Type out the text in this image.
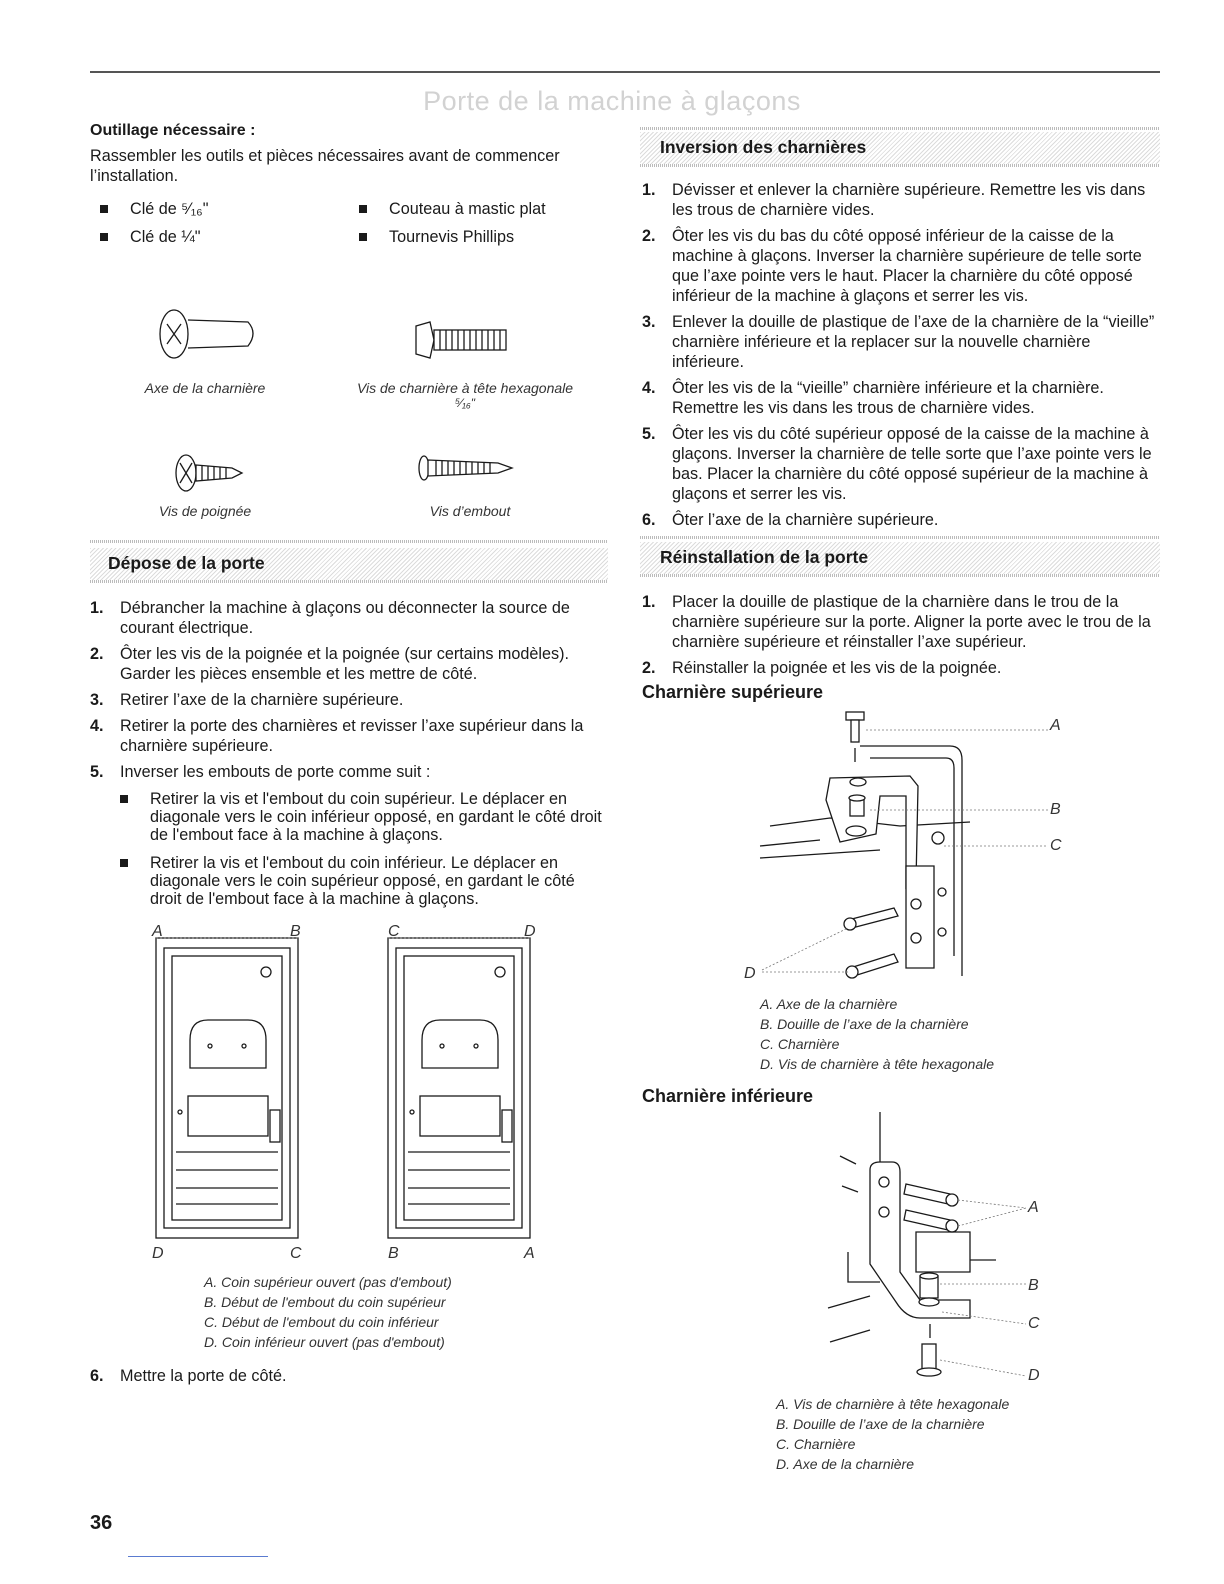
Porte de la machine à glaçons
Outillage nécessaire :
Rassembler les outils et pièces nécessaires avant de commencer l’installation.
Clé de ⁵⁄₁₆"
Clé de ¼"
Couteau à mastic plat
Tournevis Phillips
Axe de la charnière	Vis de charnière à tête hexagonale
⁵⁄₁₆"
Vis de poignée	Vis d’embout
Dépose de la porte
1. Débrancher la machine à glaçons ou déconnecter la source de courant électrique.
2. Ôter les vis de la poignée et la poignée (sur certains modèles). Garder les pièces ensemble et les mettre de côté.
3. Retirer l’axe de la charnière supérieure.
4. Retirer la porte des charnières et revisser l’axe supérieur dans la charnière supérieure.
5. Inverser les embouts de porte comme suit :
Retirer la vis et l'embout du coin supérieur. Le déplacer en diagonale vers le coin inférieur opposé, en gardant le côté droit de l'embout face à la machine à glaçons.
Retirer la vis et l'embout du coin inférieur. Le déplacer en diagonale vers le coin supérieur opposé, en gardant le côté droit de l'embout face à la machine à glaçons.
A	B
D	C
C	D
B	A
A. Coin supérieur ouvert (pas d'embout)
B. Début de l'embout du coin supérieur
C. Début de l'embout du coin inférieur
D. Coin inférieur ouvert (pas d'embout)
6. Mettre la porte de côté.
36
Inversion des charnières
1. Dévisser et enlever la charnière supérieure. Remettre les vis dans les trous de charnière vides.
2. Ôter les vis du bas du côté opposé inférieur de la caisse de la machine à glaçons. Inverser la charnière supérieure de telle sorte que l’axe pointe vers le haut. Placer la charnière du côté opposé inférieur de la machine à glaçons et serrer les vis.
3. Enlever la douille de plastique de l’axe de la charnière de la “vieille” charnière inférieure et la replacer sur la nouvelle charnière inférieure.
4. Ôter les vis de la “vieille” charnière inférieure et la charnière. Remettre les vis dans les trous de charnière vides.
5. Ôter les vis du côté supérieur opposé de la caisse de la machine à glaçons. Inverser la charnière de telle sorte que l’axe pointe vers le bas. Placer la charnière du côté opposé supérieur de la machine à glaçons et serrer les vis.
6. Ôter l’axe de la charnière supérieure.
Réinstallation de la porte
1. Placer la douille de plastique de la charnière dans le trou de la charnière supérieure sur la porte. Aligner la porte avec le trou de la charnière supérieure et réinstaller l’axe supérieur.
2. Réinstaller la poignée et les vis de la poignée.
Charnière supérieure
A
B
C
D
A. Axe de la charnière
B. Douille de l’axe de la charnière
C. Charnière
D. Vis de charnière à tête hexagonale
Charnière inférieure
A
B
C
D
A. Vis de charnière à tête hexagonale
B. Douille de l’axe de la charnière
C. Charnière
D. Axe de la charnière
